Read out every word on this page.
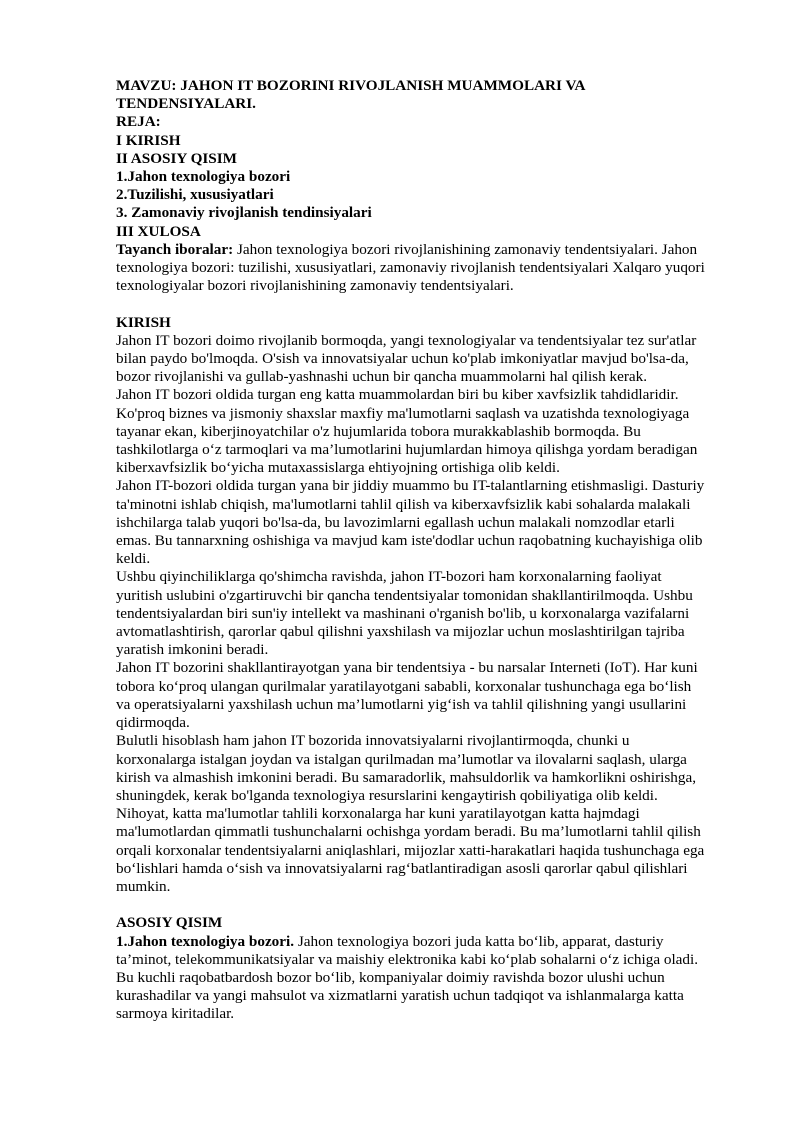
MAVZU: JAHON IT BOZORINI RIVOJLANISH MUAMMOLARI VA
TENDENSIYALARI.
REJA:
I KIRISH
II ASOSIY QISIM
1.Jahon texnologiya bozori
2.Tuzilishi, xususiyatlari
3. Zamonaviy rivojlanish tendinsiyalari
III XULOSA
Tayanch iboralar: Jahon texnologiya bozori rivojlanishining zamonaviy tendentsiyalari. Jahon
texnologiya bozori: tuzilishi, xususiyatlari, zamonaviy rivojlanish tendentsiyalari Xalqaro yuqori
texnologiyalar bozori rivojlanishining zamonaviy tendentsiyalari.
KIRISH
Jahon IT bozori doimo rivojlanib bormoqda, yangi texnologiyalar va tendentsiyalar tez sur'atlar
bilan paydo bo'lmoqda. O'sish va innovatsiyalar uchun ko'plab imkoniyatlar mavjud bo'lsa-da,
bozor rivojlanishi va gullab-yashnashi uchun bir qancha muammolarni hal qilish kerak.
Jahon IT bozori oldida turgan eng katta muammolardan biri bu kiber xavfsizlik tahdidlaridir.
Ko'proq biznes va jismoniy shaxslar maxfiy ma'lumotlarni saqlash va uzatishda texnologiyaga
tayanar ekan, kiberjinoyatchilar o'z hujumlarida tobora murakkablashib bormoqda. Bu
tashkilotlarga o‘z tarmoqlari va ma’lumotlarini hujumlardan himoya qilishga yordam beradigan
kiberxavfsizlik bo‘yicha mutaxassislarga ehtiyojning ortishiga olib keldi.
Jahon IT-bozori oldida turgan yana bir jiddiy muammo bu IT-talantlarning etishmasligi. Dasturiy
ta'minotni ishlab chiqish, ma'lumotlarni tahlil qilish va kiberxavfsizlik kabi sohalarda malakali
ishchilarga talab yuqori bo'lsa-da, bu lavozimlarni egallash uchun malakali nomzodlar etarli
emas. Bu tannarxning oshishiga va mavjud kam iste'dodlar uchun raqobatning kuchayishiga olib
keldi.
Ushbu qiyinchiliklarga qo'shimcha ravishda, jahon IT-bozori ham korxonalarning faoliyat
yuritish uslubini o'zgartiruvchi bir qancha tendentsiyalar tomonidan shakllantirilmoqda. Ushbu
tendentsiyalardan biri sun'iy intellekt va mashinani o'rganish bo'lib, u korxonalarga vazifalarni
avtomatlashtirish, qarorlar qabul qilishni yaxshilash va mijozlar uchun moslashtirilgan tajriba
yaratish imkonini beradi.
Jahon IT bozorini shakllantirayotgan yana bir tendentsiya - bu narsalar Interneti (IoT). Har kuni
tobora ko‘proq ulangan qurilmalar yaratilayotgani sababli, korxonalar tushunchaga ega bo‘lish
va operatsiyalarni yaxshilash uchun ma’lumotlarni yig‘ish va tahlil qilishning yangi usullarini
qidirmoqda.
Bulutli hisoblash ham jahon IT bozorida innovatsiyalarni rivojlantirmoqda, chunki u
korxonalarga istalgan joydan va istalgan qurilmadan ma’lumotlar va ilovalarni saqlash, ularga
kirish va almashish imkonini beradi. Bu samaradorlik, mahsuldorlik va hamkorlikni oshirishga,
shuningdek, kerak bo'lganda texnologiya resurslarini kengaytirish qobiliyatiga olib keldi.
Nihoyat, katta ma'lumotlar tahlili korxonalarga har kuni yaratilayotgan katta hajmdagi
ma'lumotlardan qimmatli tushunchalarni ochishga yordam beradi. Bu ma’lumotlarni tahlil qilish
orqali korxonalar tendentsiyalarni aniqlashlari, mijozlar xatti-harakatlari haqida tushunchaga ega
bo‘lishlari hamda o‘sish va innovatsiyalarni rag‘batlantiradigan asosli qarorlar qabul qilishlari
mumkin.
ASOSIY QISIM
1.Jahon texnologiya bozori. Jahon texnologiya bozori juda katta bo‘lib, apparat, dasturiy
ta’minot, telekommunikatsiyalar va maishiy elektronika kabi ko‘plab sohalarni o‘z ichiga oladi.
Bu kuchli raqobatbardosh bozor bo‘lib, kompaniyalar doimiy ravishda bozor ulushi uchun
kurashadilar va yangi mahsulot va xizmatlarni yaratish uchun tadqiqot va ishlanmalarga katta
sarmoya kiritadilar.
